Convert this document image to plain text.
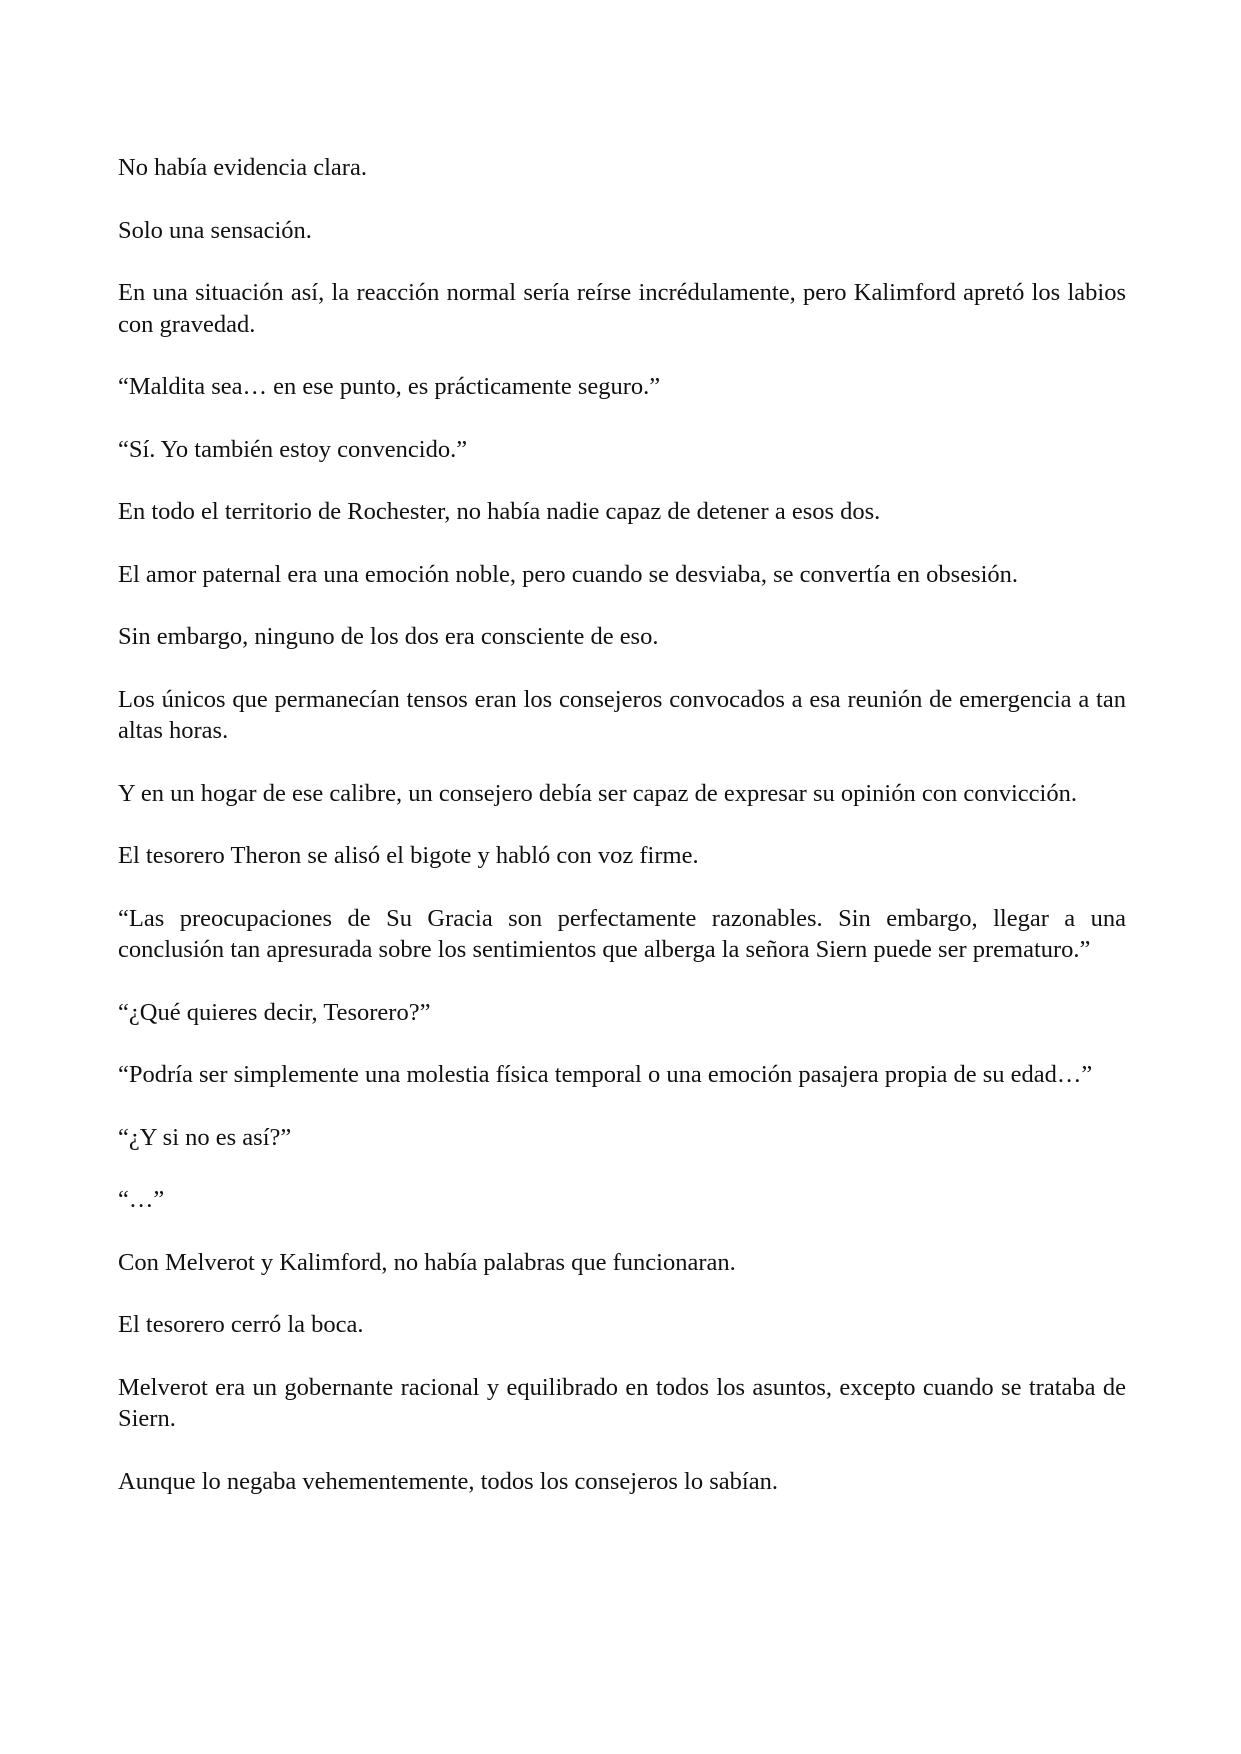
No había evidencia clara.

Solo una sensación.

En una situación así, la reacción normal sería reírse incrédulamente, pero Kalimford apretó los labios con gravedad.

“Maldita sea… en ese punto, es prácticamente seguro.”

“Sí. Yo también estoy convencido.”

En todo el territorio de Rochester, no había nadie capaz de detener a esos dos.

El amor paternal era una emoción noble, pero cuando se desviaba, se convertía en obsesión.

Sin embargo, ninguno de los dos era consciente de eso.

Los únicos que permanecían tensos eran los consejeros convocados a esa reunión de emergencia a tan altas horas.

Y en un hogar de ese calibre, un consejero debía ser capaz de expresar su opinión con convicción.

El tesorero Theron se alisó el bigote y habló con voz firme.

“Las preocupaciones de Su Gracia son perfectamente razonables. Sin embargo, llegar a una conclusión tan apresurada sobre los sentimientos que alberga la señora Siern puede ser prematuro.”

“¿Qué quieres decir, Tesorero?”

“Podría ser simplemente una molestia física temporal o una emoción pasajera propia de su edad…”

“¿Y si no es así?”

“…”

Con Melverot y Kalimford, no había palabras que funcionaran.

El tesorero cerró la boca.

Melverot era un gobernante racional y equilibrado en todos los asuntos, excepto cuando se trataba de Siern.

Aunque lo negaba vehementemente, todos los consejeros lo sabían.
